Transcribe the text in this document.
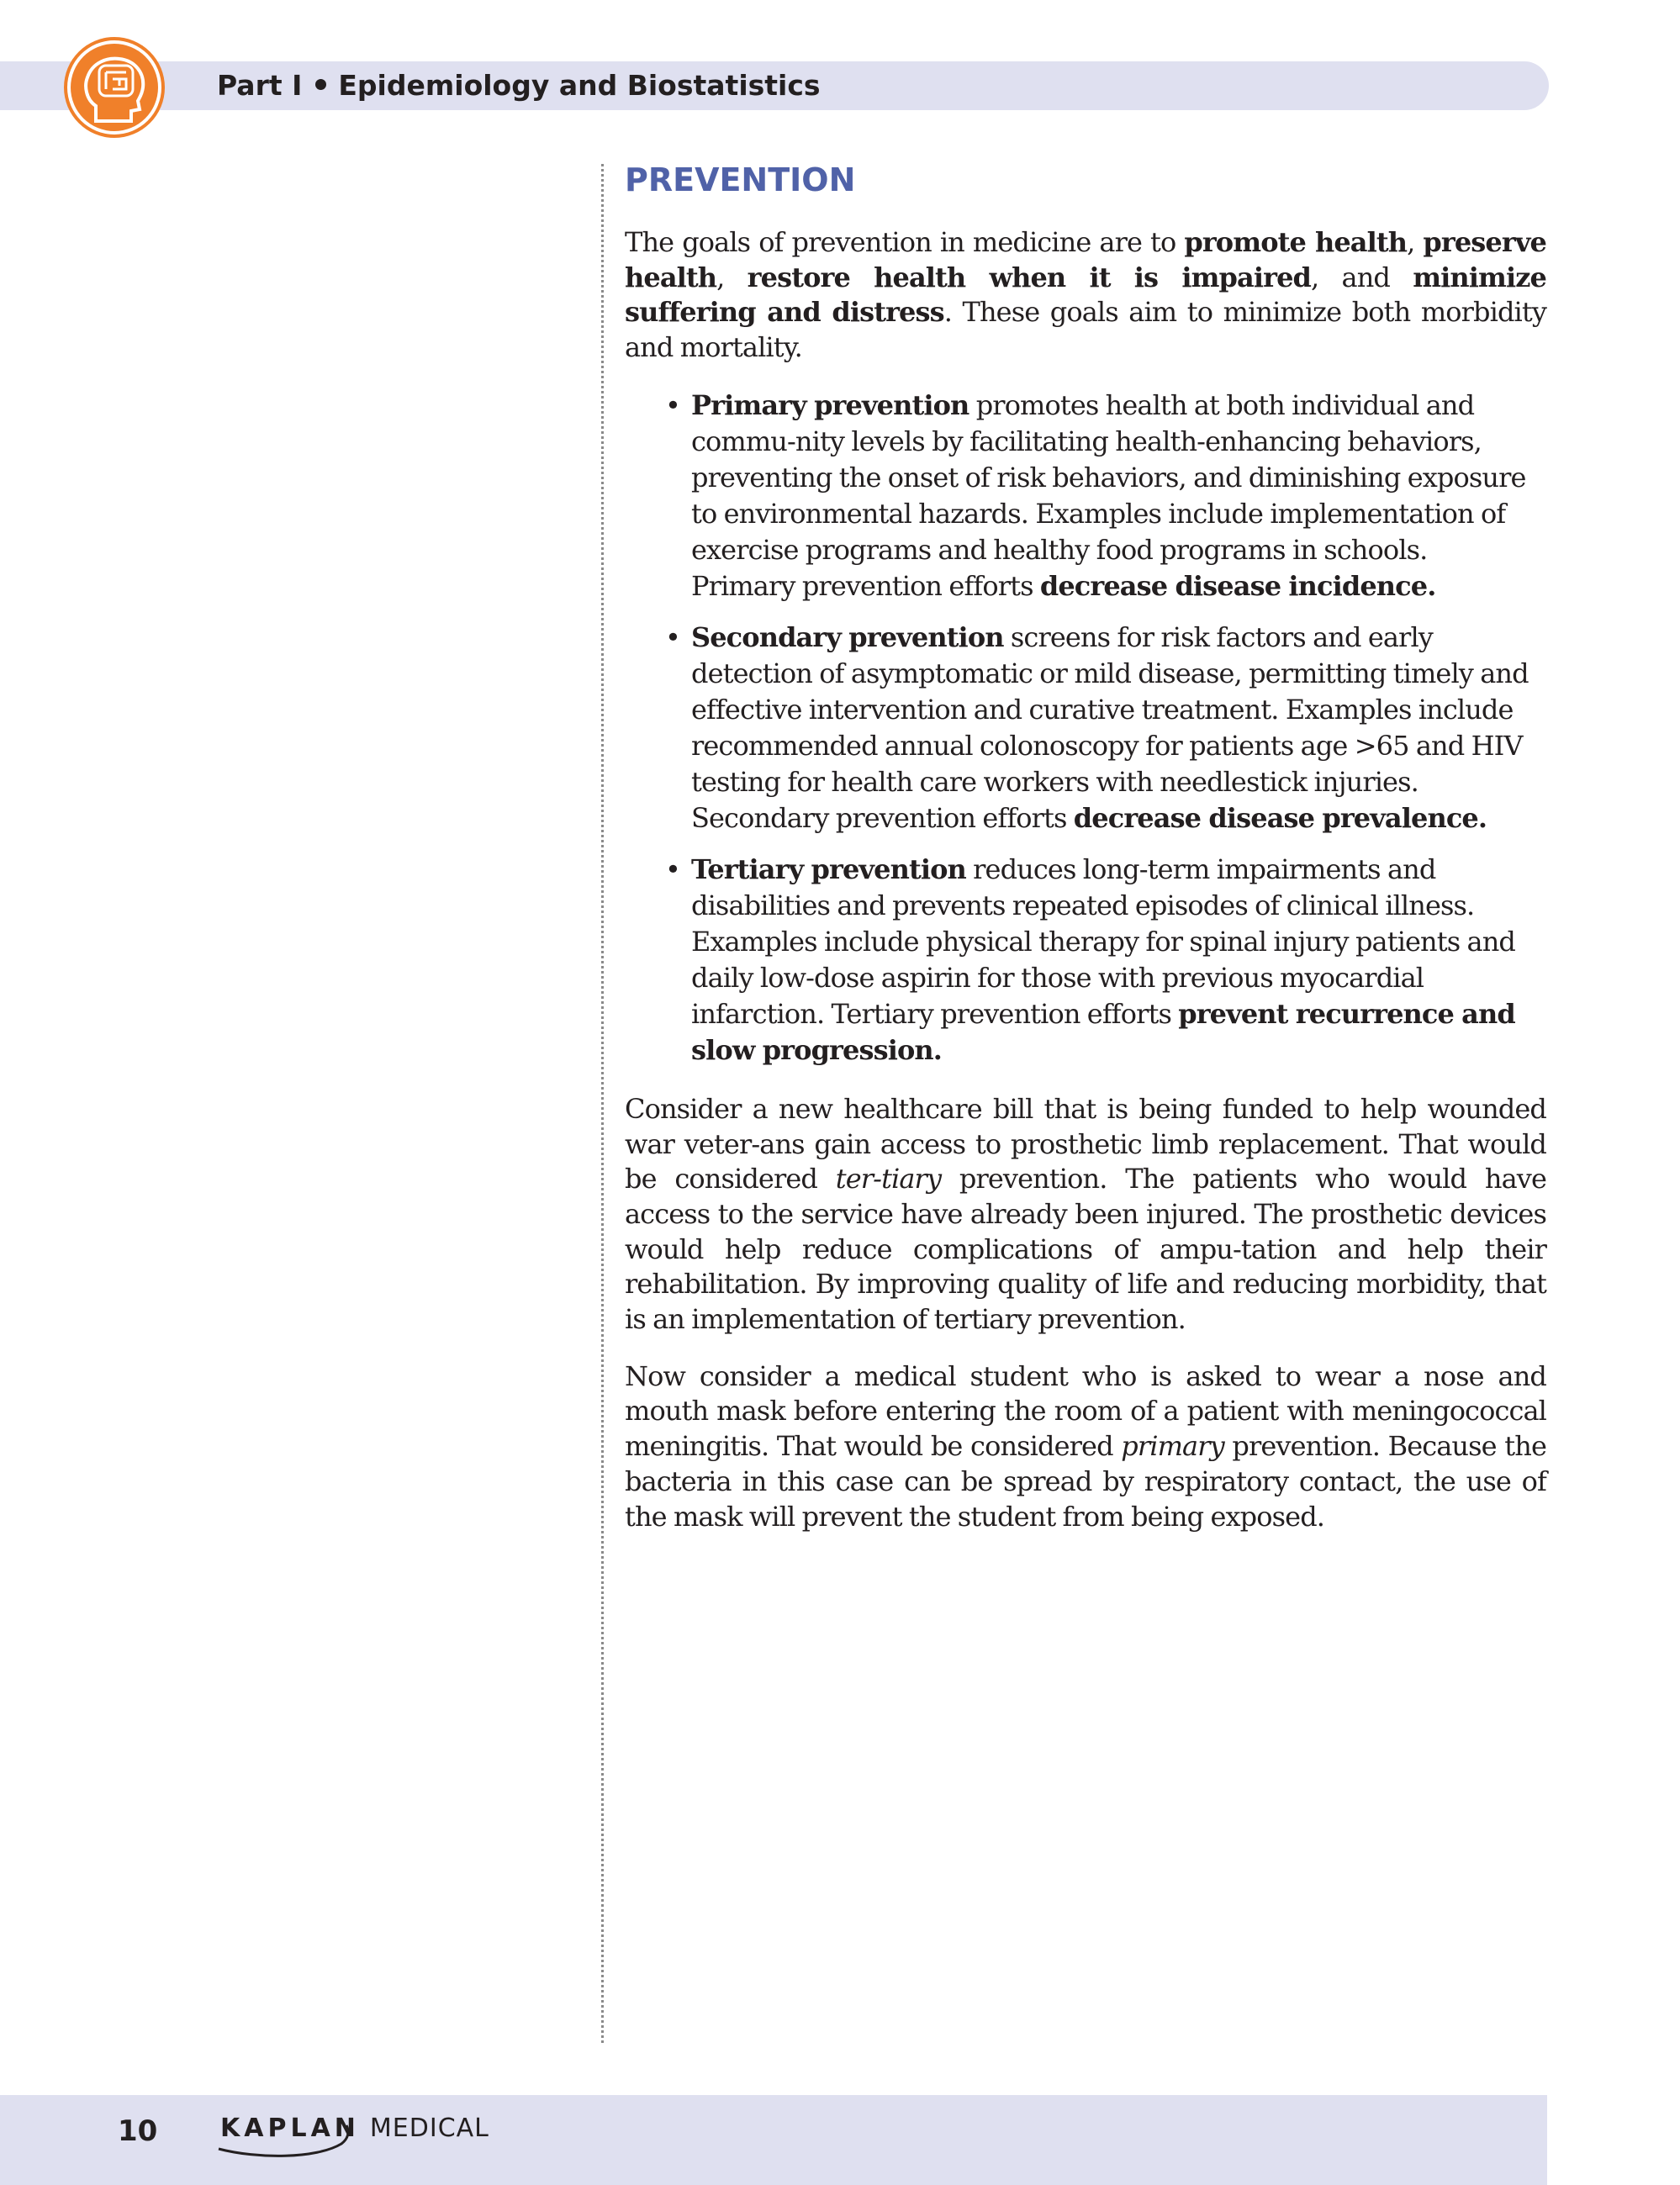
Part I Epidemiology and Biostatistics
PREVENTION

The goals of prevention in medicine are to promote health, preserve health, restore health when it is impaired, and minimize suffering and distress. These goals aim to minimize both morbidity and mortality.

• Primary prevention promotes health at both individual and commu-nity levels by facilitating health-enhancing behaviors, preventing the onset of risk behaviors, and diminishing exposure to environmental hazards. Examples include implementation of exercise programs and healthy food programs in schools. Primary prevention efforts decrease disease incidence.
• Secondary prevention screens for risk factors and early detection of asymptomatic or mild disease, permitting timely and effective intervention and curative treatment. Examples include recommended annual colonoscopy for patients age >65 and HIV testing for health care workers with needlestick injuries. Secondary prevention efforts decrease disease prevalence.
• Tertiary prevention reduces long-term impairments and disabilities and prevents repeated episodes of clinical illness. Examples include physical therapy for spinal injury patients and daily low-dose aspirin for those with previous myocardial infarction. Tertiary prevention efforts prevent recurrence and slow progression.

Consider a new healthcare bill that is being funded to help wounded war veter-ans gain access to prosthetic limb replacement. That would be considered ter-tiary prevention. The patients who would have access to the service have already been injured. The prosthetic devices would help reduce complications of ampu-tation and help their rehabilitation. By improving quality of life and reducing morbidity, that is an implementation of tertiary prevention.

Now consider a medical student who is asked to wear a nose and mouth mask before entering the room of a patient with meningococcal meningitis. That would be considered primary prevention. Because the bacteria in this case can be spread by respiratory contact, the use of the mask will prevent the student from being exposed.

10 KAPLAN MEDICAL
